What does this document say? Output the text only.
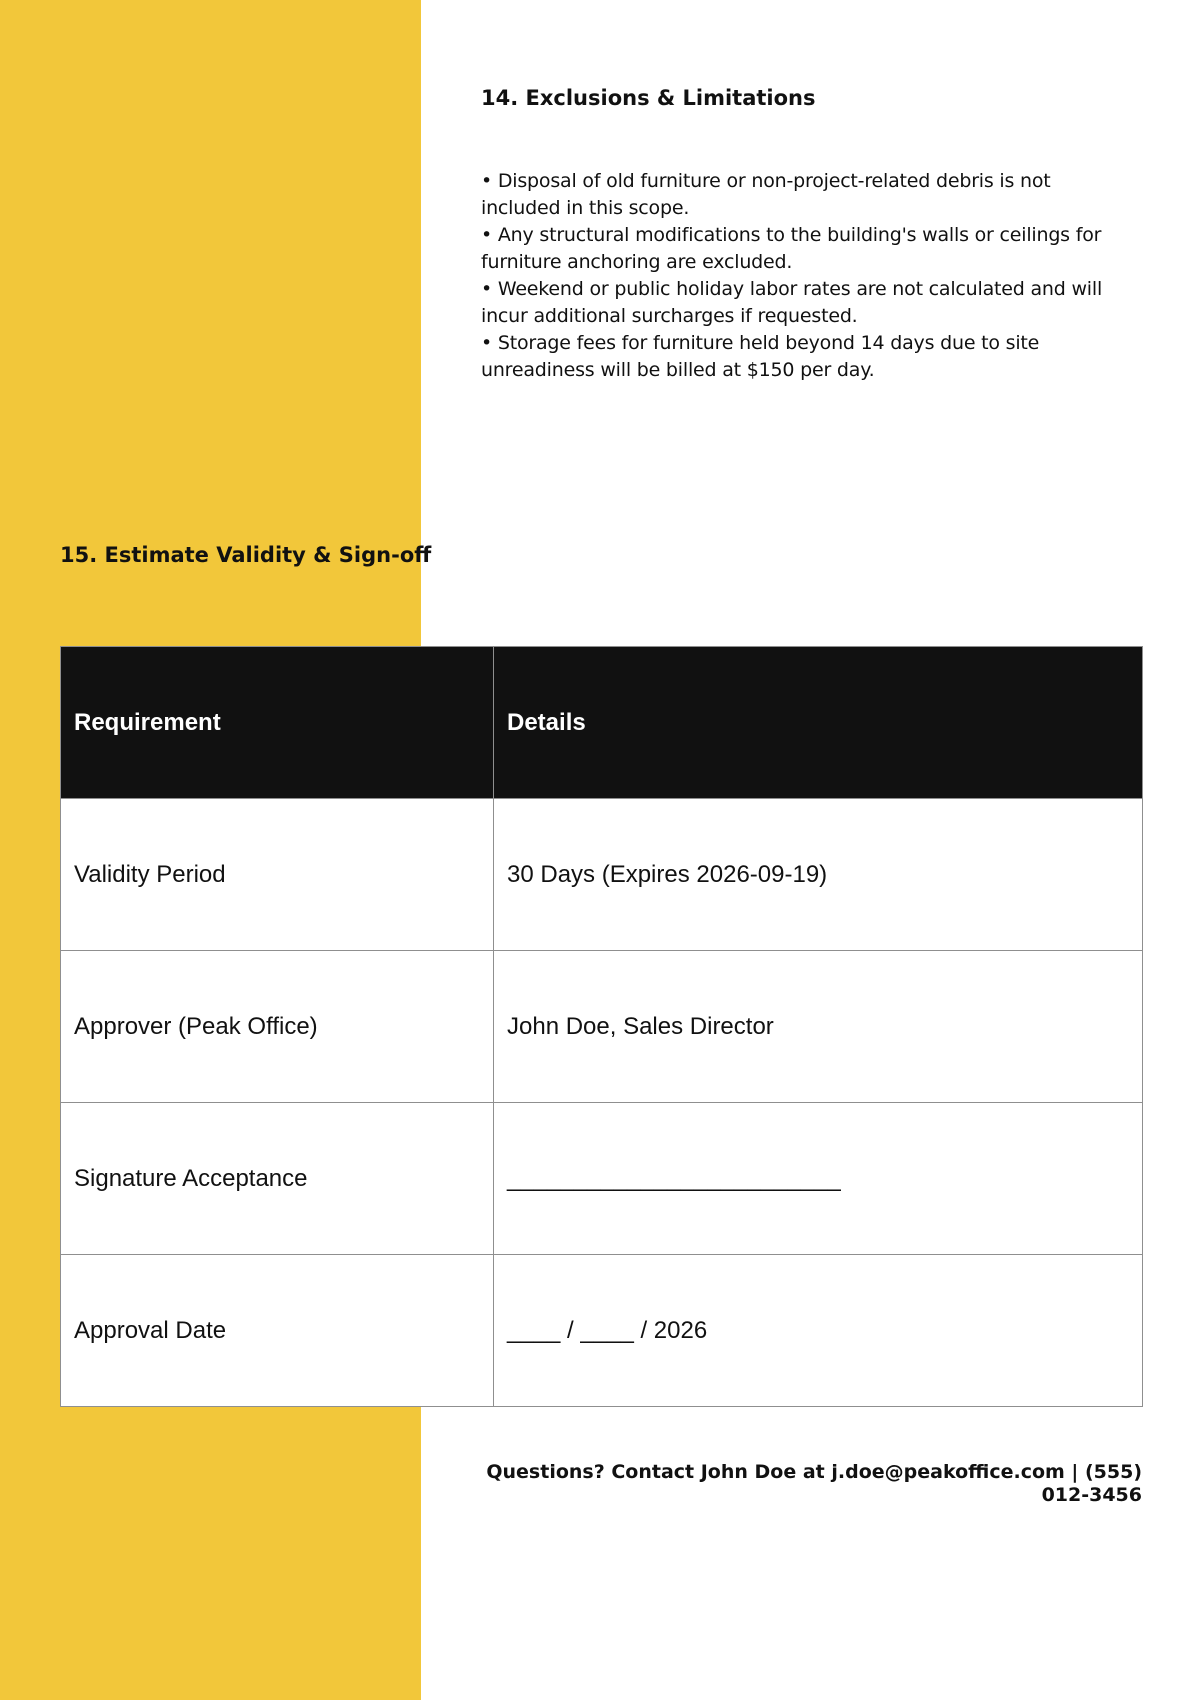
14. Exclusions & Limitations
• Disposal of old furniture or non-project-related debris is not included in this scope.
• Any structural modifications to the building's walls or ceilings for furniture anchoring are excluded.
• Weekend or public holiday labor rates are not calculated and will incur additional surcharges if requested.
• Storage fees for furniture held beyond 14 days due to site unreadiness will be billed at $150 per day.
15. Estimate Validity & Sign-off
Requirement	Details
Validity Period	30 Days (Expires 2026-09-19)
Approver (Peak Office)	John Doe, Sales Director
Signature Acceptance	_________________________
Approval Date	____ / ____ / 2026

Questions? Contact John Doe at j.doe@peakoffice.com | (555) 012-3456
